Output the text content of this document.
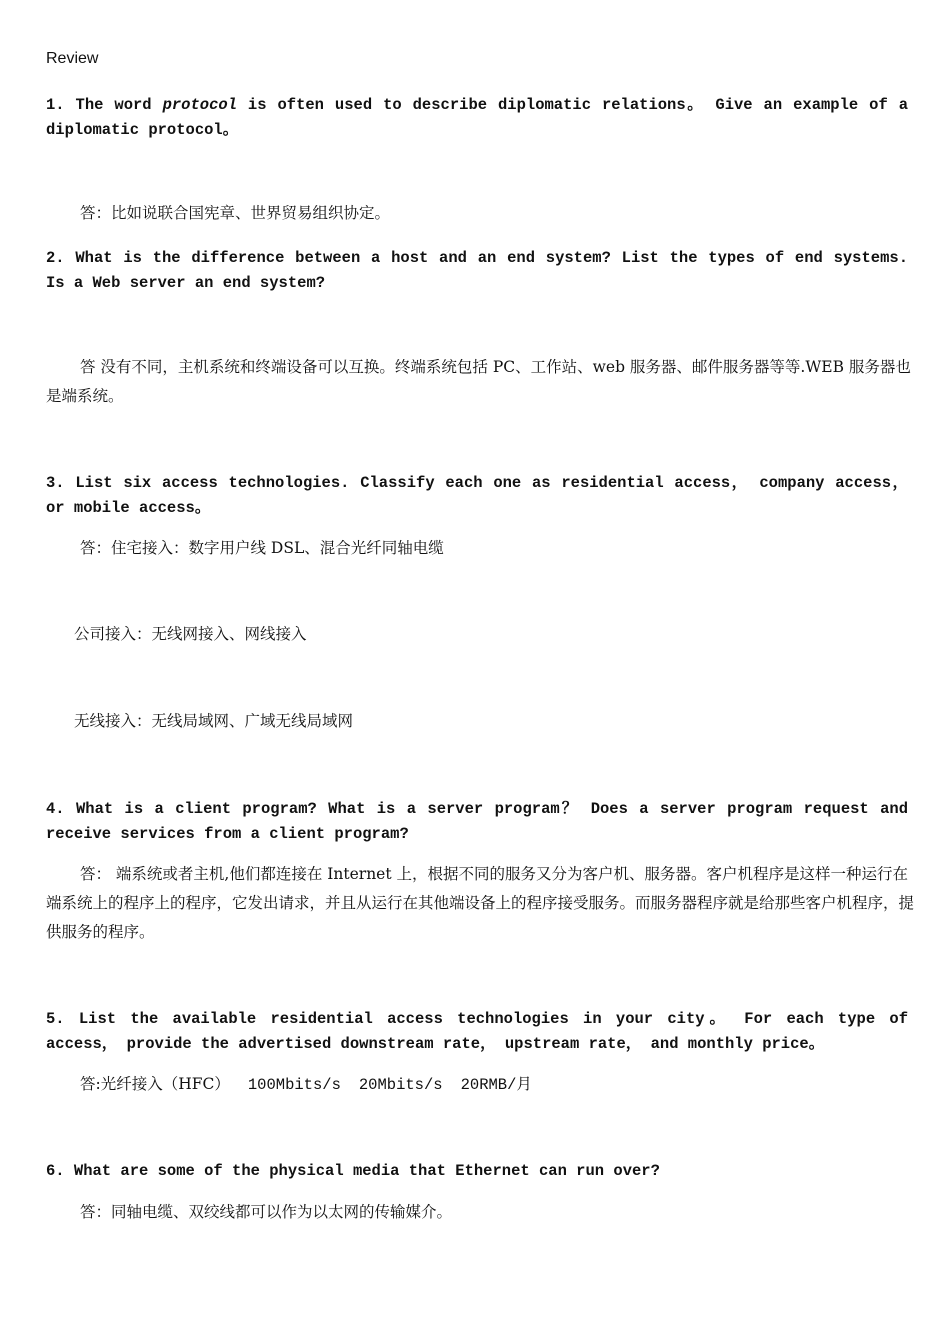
Review

1. The word protocol is often used to describe diplomatic relations。 Give an example of a diplomatic protocol。

答：比如说联合国宪章、世界贸易组织协定。

2. What is the difference between a host and an end system? List the types of end systems. Is a Web server an end system?

答 没有不同，主机系统和终端设备可以互换。终端系统包括 PC、工作站、web 服务器、邮件服务器等等.WEB 服务器也是端系统。

3. List six access technologies. Classify each one as residential access， company access， or mobile access。

答：住宅接入：数字用户线 DSL、混合光纤同轴电缆

公司接入：无线网接入、网线接入

无线接入：无线局域网、广域无线局域网

4. What is a client program? What is a server program？ Does a server program request and receive services from a client program?

答： 端系统或者主机,他们都连接在 Internet 上，根据不同的服务又分为客户机、服务器。客户机程序是这样一种运行在端系统上的程序上的程序，它发出请求，并且从运行在其他端设备上的程序接受服务。而服务器程序就是给那些客户机程序，提供服务的程序。

5. List the available residential access technologies in your city。 For each type of access， provide the advertised downstream rate， upstream rate， and monthly price。

答:光纤接入（HFC） 100Mbits/s 20Mbits/s 20RMB/月

6. What are some of the physical media that Ethernet can run over?

答：同轴电缆、双绞线都可以作为以太网的传输媒介。
